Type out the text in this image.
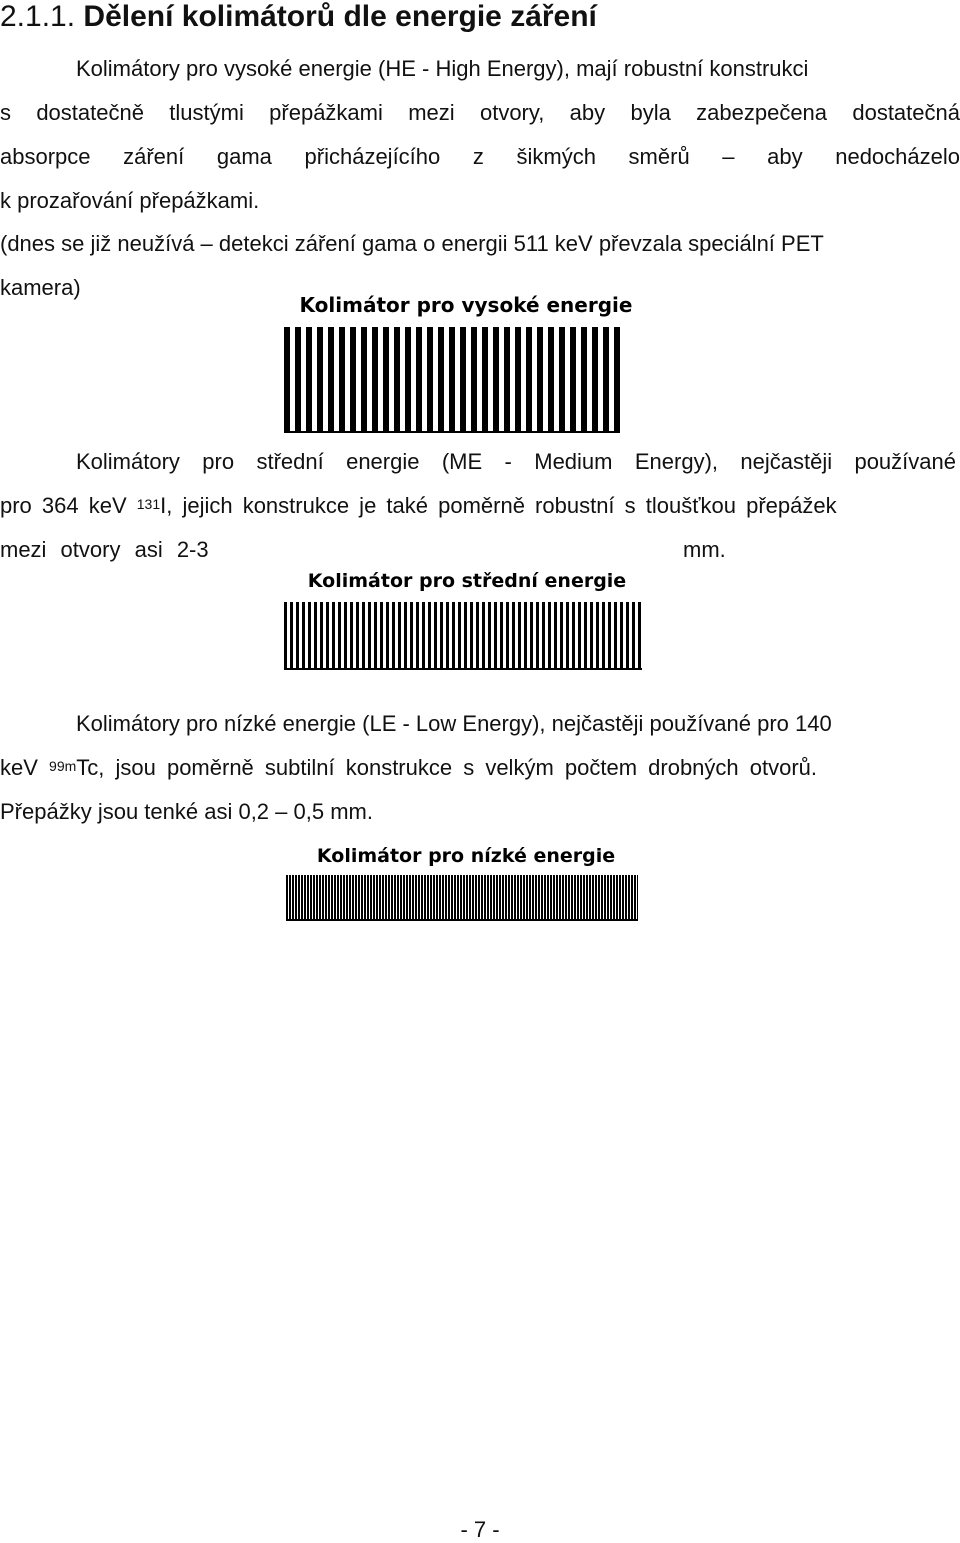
2.1.1. Dělení kolimátorů dle energie záření

Kolimátory pro vysoké energie (HE - High Energy), mají robustní konstrukci

s dostatečně tlustými přepážkami mezi otvory, aby byla zabezpečena dostatečná

absorpce záření gama přicházejícího z šikmých směrů – aby nedocházelo

k prozařování přepážkami.

(dnes se již neužívá – detekci záření gama o energii 511 keV převzala speciální PET

kamera)

Kolimátor pro vysoké energie

Kolimátory pro střední energie (ME - Medium Energy), nejčastěji používané

pro 364 keV $^{131}$I, jejich konstrukce je také poměrně robustní s tloušťkou přepážek

mezi otvory asi 2-3	mm.

Kolimátor pro střední energie

Kolimátory pro nízké energie (LE - Low Energy), nejčastěji používané pro 140

keV $^{99m}$Tc, jsou poměrně subtilní konstrukce s velkým počtem drobných otvorů.

Přepážky jsou tenké asi 0,2 – 0,5 mm.

Kolimátor pro nízké energie
- 7 -
